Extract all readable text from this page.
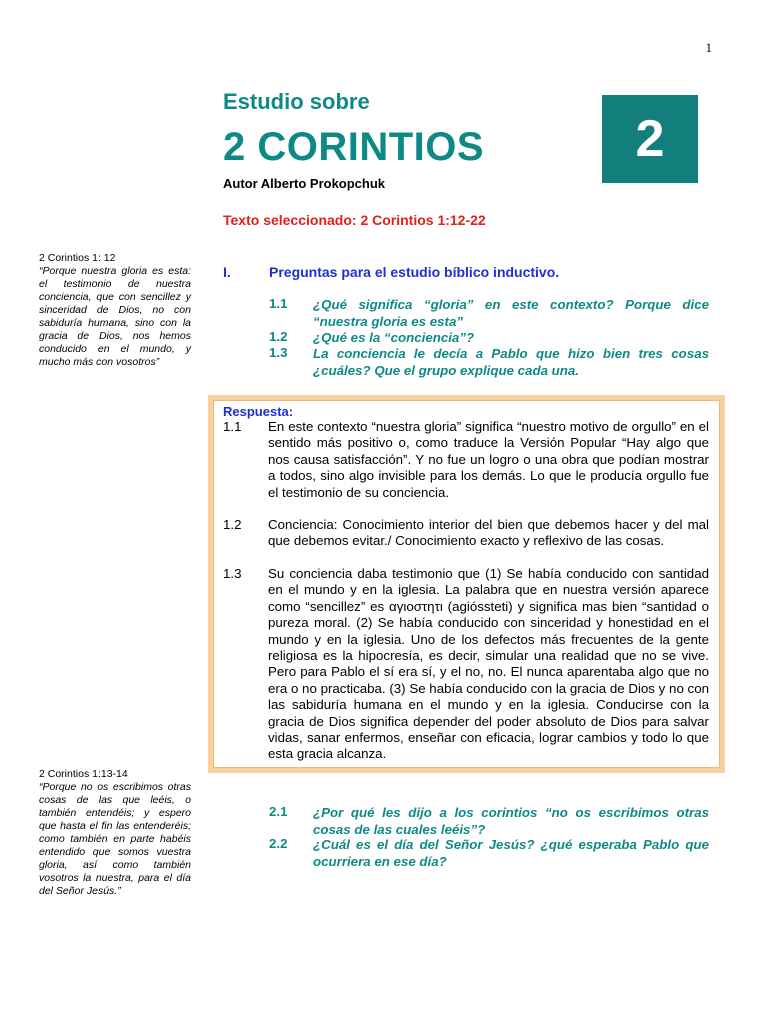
1
Estudio sobre
2 CORINTIOS
Autor Alberto Prokopchuk
2
Texto seleccionado: 2 Corintios 1:12-22
2 Corintios 1: 12
“Porque nuestra gloria es esta: el testimonio de nuestra conciencia, que con sencillez y sinceridad de Dios, no con sabiduría humana, sino con la gracia de Dios, nos hemos conducido en el mundo, y mucho más con vosotros”
2 Corintios 1:13-14
“Porque no os escribimos otras cosas de las que leéis, o también entendéis; y espero que hasta el fin las entenderéis; como también en parte habéis entendido que somos vuestra gloria, así como también vosotros la nuestra, para el día del Señor Jesús.”
I.	Preguntas para el estudio bíblico inductivo.
1.1	¿Qué significa “gloria” en este contexto? Porque dice “nuestra gloria es esta”
1.2	¿Qué es la “conciencia”?
1.3	La conciencia le decía a Pablo que hizo bien tres cosas ¿cuáles? Que el grupo explique cada una.
Respuesta:
1.1 En este contexto “nuestra gloria” significa “nuestro motivo de orgullo” en el sentido más positivo o, como traduce la Versión Popular “Hay algo que nos causa satisfacción”. Y no fue un logro o una obra que podían mostrar a todos, sino algo invisible para los demás. Lo que le producía orgullo fue el testimonio de su conciencia.
1.2 Conciencia: Conocimiento interior del bien que debemos hacer y del mal que debemos evitar./ Conocimiento exacto y reflexivo de las cosas.
1.3 Su conciencia daba testimonio que (1) Se había conducido con santidad en el mundo y en la iglesia. La palabra que en nuestra versión aparece como “sencillez” es αγιοστητι (agióssteti) y significa mas bien “santidad o pureza moral. (2) Se había conducido con sinceridad y honestidad en el mundo y en la iglesia. Uno de los defectos más frecuentes de la gente religiosa es la hipocresía, es decir, simular una realidad que no se vive. Pero para Pablo el sí era sí, y el no, no. El nunca aparentaba algo que no era o no practicaba. (3) Se había conducido con la gracia de Dios y no con las sabiduría humana en el mundo y en la iglesia. Conducirse con la gracia de Dios significa depender del poder absoluto de Dios para salvar vidas, sanar enfermos, enseñar con eficacia, lograr cambios y todo lo que esta gracia alcanza.
2.1	¿Por qué les dijo a los corintios “no os escribimos otras cosas de las cuales leéis”?
2.2	¿Cuál es el día del Señor Jesús? ¿qué esperaba Pablo que ocurriera en ese día?
